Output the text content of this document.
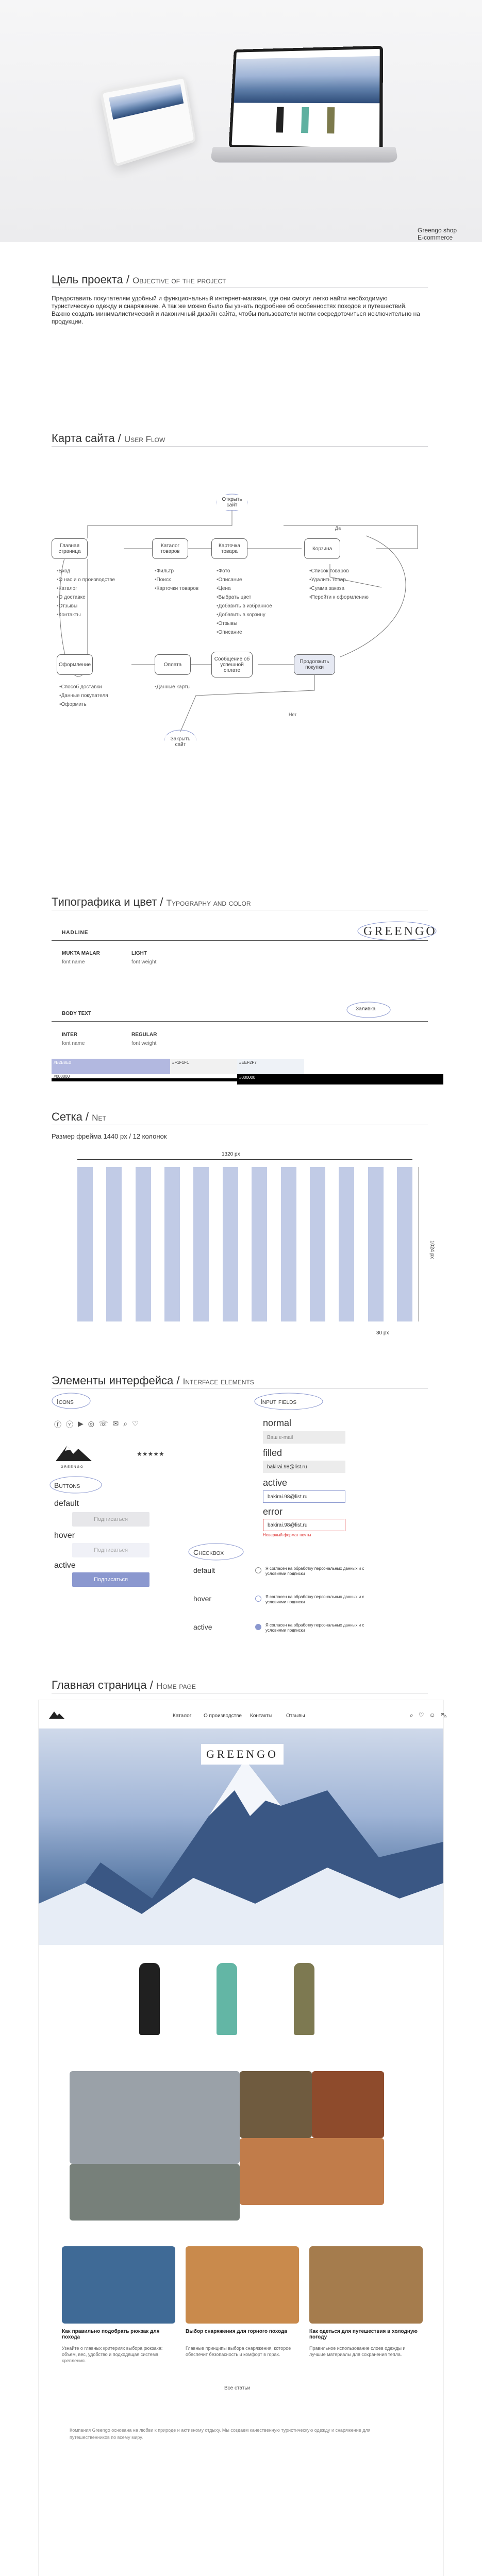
Greengo shop
E-commerce
Цель проекта / Objective of the project
Предоставить покупателям удобный и функциональный интернет-магазин, где они смогут легко найти необходимую туристическую одежду и снаряжение. А так же можно было бы узнать подробнее об особенностях походов и путешествий. Важно создать минималистический и лаконичный дизайн сайта, чтобы пользователи могли сосредоточиться исключительно на продукции.
Карта сайта / User Flow
Открыть сайт
Главная страница
Каталог товаров
Карточка товара	Корзина
Да
• Вход
• О нас и о производстве
• Каталог
• О доставке
• Отзывы
• Контакты
• Фильтр
• Поиск
• Карточки товаров
• Фото
• Описание
• Цена
• Выбрать цвет
• Добавить в избранное
• Добавить в корзину
• Отзывы
• Описание
• Список товаров
• Удалить товар
• Сумма заказа
• Перейти к оформлению
Оформление	Оплата
Сообщение об успешной оплате
Продолжить покупки
• Способ доставки
• Данные покупателя
• Оформить
• Данные карты
Нет
Закрыть сайт
Типографика и цвет / Typography and color
HADLINE	GREENGO
MUKTA MALAR	LIGHT
font name	font weight
BODY TEXT
Заливка
INTER	REGULAR
font name	font weight
#B2B8E0	#F1F1F1	#EEF2F7
#000000	#000000
Сетка / Net
Размер фрейма 1440 px / 12 колонок
1320 px
1024 px
30 px
Элементы интерфейса / Interface elements
Icons
ⓕ ⓥ ▶ ◎ ☏ ✉ ⌕ ♡
GREENGO
★★★★★
Input fields
normal
Ваш e-mail
filled
bakirai.98@list.ru
active
bakirai.98@list.ru
error
bakirai.98@list.ru
Неверный формат почты
Buttons
default
Подписаться
hover
Подписаться
active
Подписаться
Checkbox
default	Я согласен на обработку персональных данных и с условиями подписки
hover	Я согласен на обработку персональных данных и с условиями подписки
active	Я согласен на обработку персональных данных и с условиями подписки
Главная страница / Home page
Каталог О производстве Контакты	Отзывы	⌕ ♡ ☺ ⛍
GREENGO
Как правильно подобрать рюкзак для похода
Выбор снаряжения для горного похода	Как одеться для путешествия в холодную погоду
Узнайте о главных критериях выбора рюкзака: объем, вес, удобство и подходящая система крепления.
Главные принципы выбора снаряжения, которое обеспечит безопасность и комфорт в горах.
Правильное использование слоев одежды и лучшие материалы для сохранения тепла.
Все статьи
Компания Greengo основана на любви к природе и активному отдыху. Мы создаем качественную туристическую одежду и снаряжение для путешественников по всему миру.
